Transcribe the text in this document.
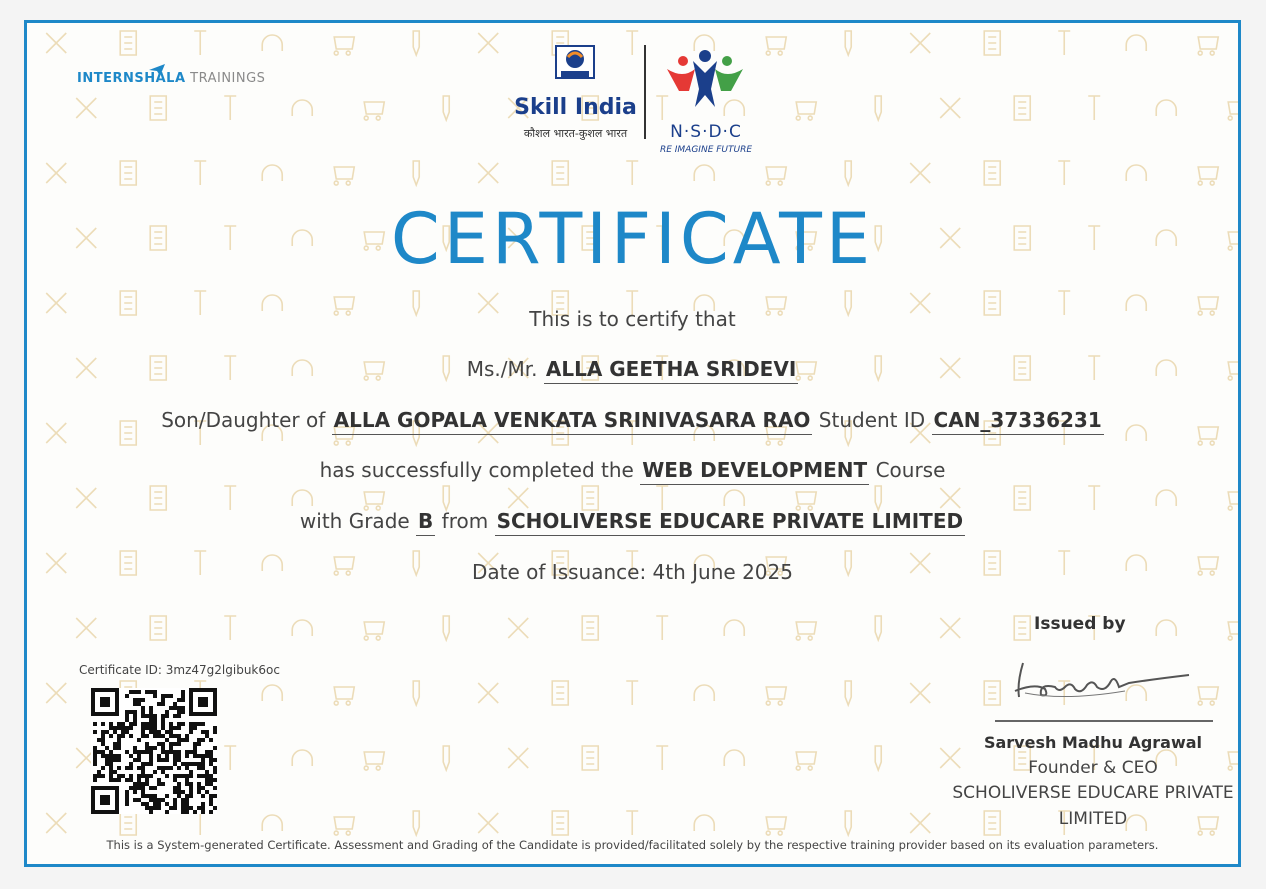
INTERNSHALA TRAININGS
Skill India
कौशल भारत-कुशल भारत	N·S·D·C
RE IMAGINE FUTURE
CERTIFICATE
This is to certify that
Ms./Mr. ALLA GEETHA SRIDEVI
Son/Daughter of ALLA GOPALA VENKATA SRINIVASARA RAO Student ID CAN_37336231
has successfully completed the WEB DEVELOPMENT Course
with Grade B from SCHOLIVERSE EDUCARE PRIVATE LIMITED
Date of Issuance: 4th June 2025
Certificate ID: 3mz47g2lgibuk6oc
Issued by
Sarvesh Madhu Agrawal
Founder & CEO
SCHOLIVERSE EDUCARE PRIVATE
LIMITED
This is a System-generated Certificate. Assessment and Grading of the Candidate is provided/facilitated solely by the respective training provider based on its evaluation parameters.
